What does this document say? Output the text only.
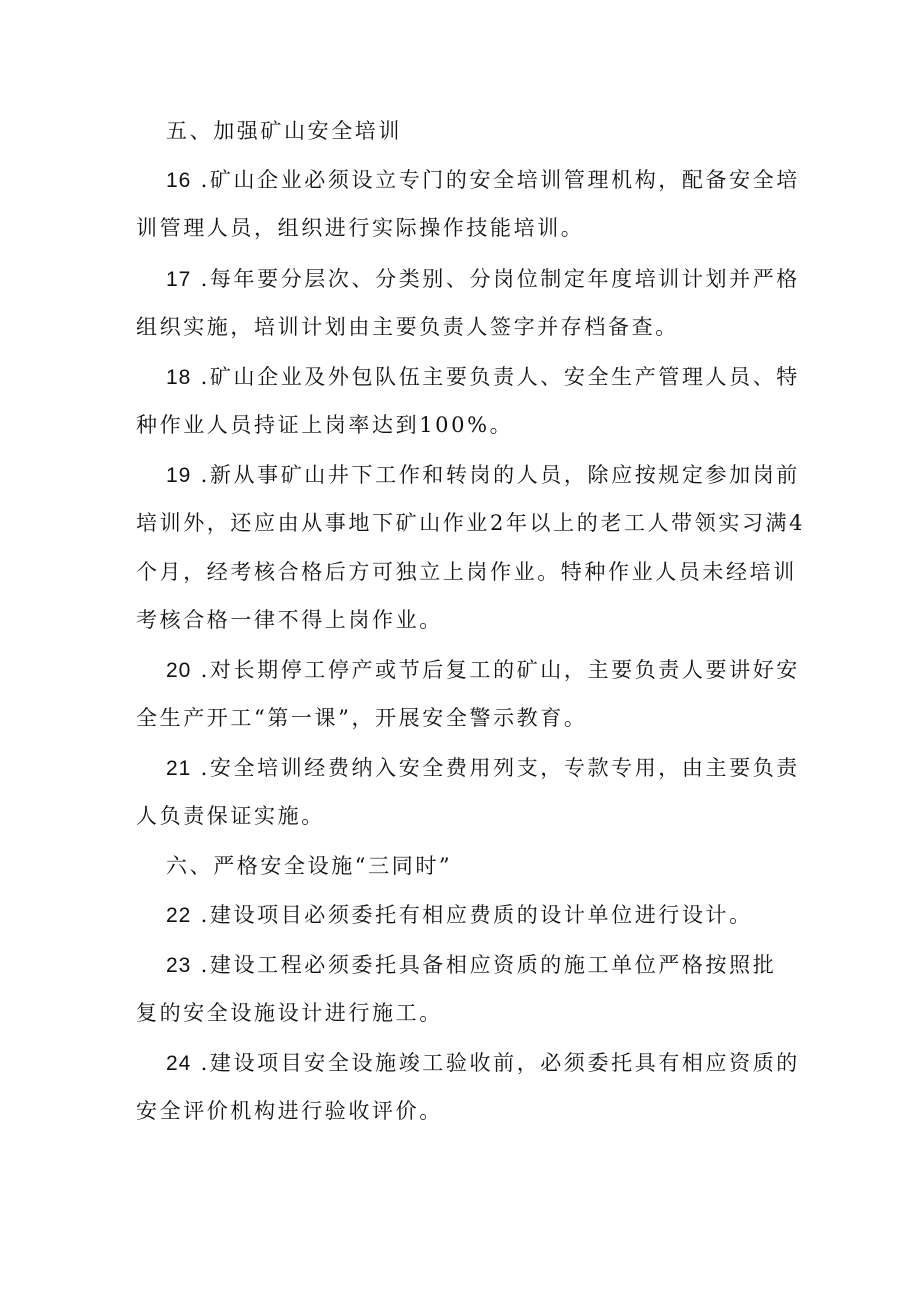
五、加强矿山安全培训
16 .矿山企业必须设立专门的安全培训管理机构，配备安全培
训管理人员，组织进行实际操作技能培训。
17 .每年要分层次、分类别、分岗位制定年度培训计划并严格
组织实施，培训计划由主要负责人签字并存档备查。
18 .矿山企业及外包队伍主要负责人、安全生产管理人员、特
种作业人员持证上岗率达到100%。
19 .新从事矿山井下工作和转岗的人员，除应按规定参加岗前
培训外，还应由从事地下矿山作业2年以上的老工人带领实习满4
个月，经考核合格后方可独立上岗作业。特种作业人员未经培训
考核合格一律不得上岗作业。
20 .对长期停工停产或节后复工的矿山，主要负责人要讲好安
全生产开工“第一课”，开展安全警示教育。
21 .安全培训经费纳入安全费用列支，专款专用，由主要负责
人负责保证实施。
六、严格安全设施“三同时”
22 .建设项目必须委托有相应费质的设计单位进行设计。
23 .建设工程必须委托具备相应资质的施工单位严格按照批
复的安全设施设计进行施工。
24 .建设项目安全设施竣工验收前，必须委托具有相应资质的
安全评价机构进行验收评价。
